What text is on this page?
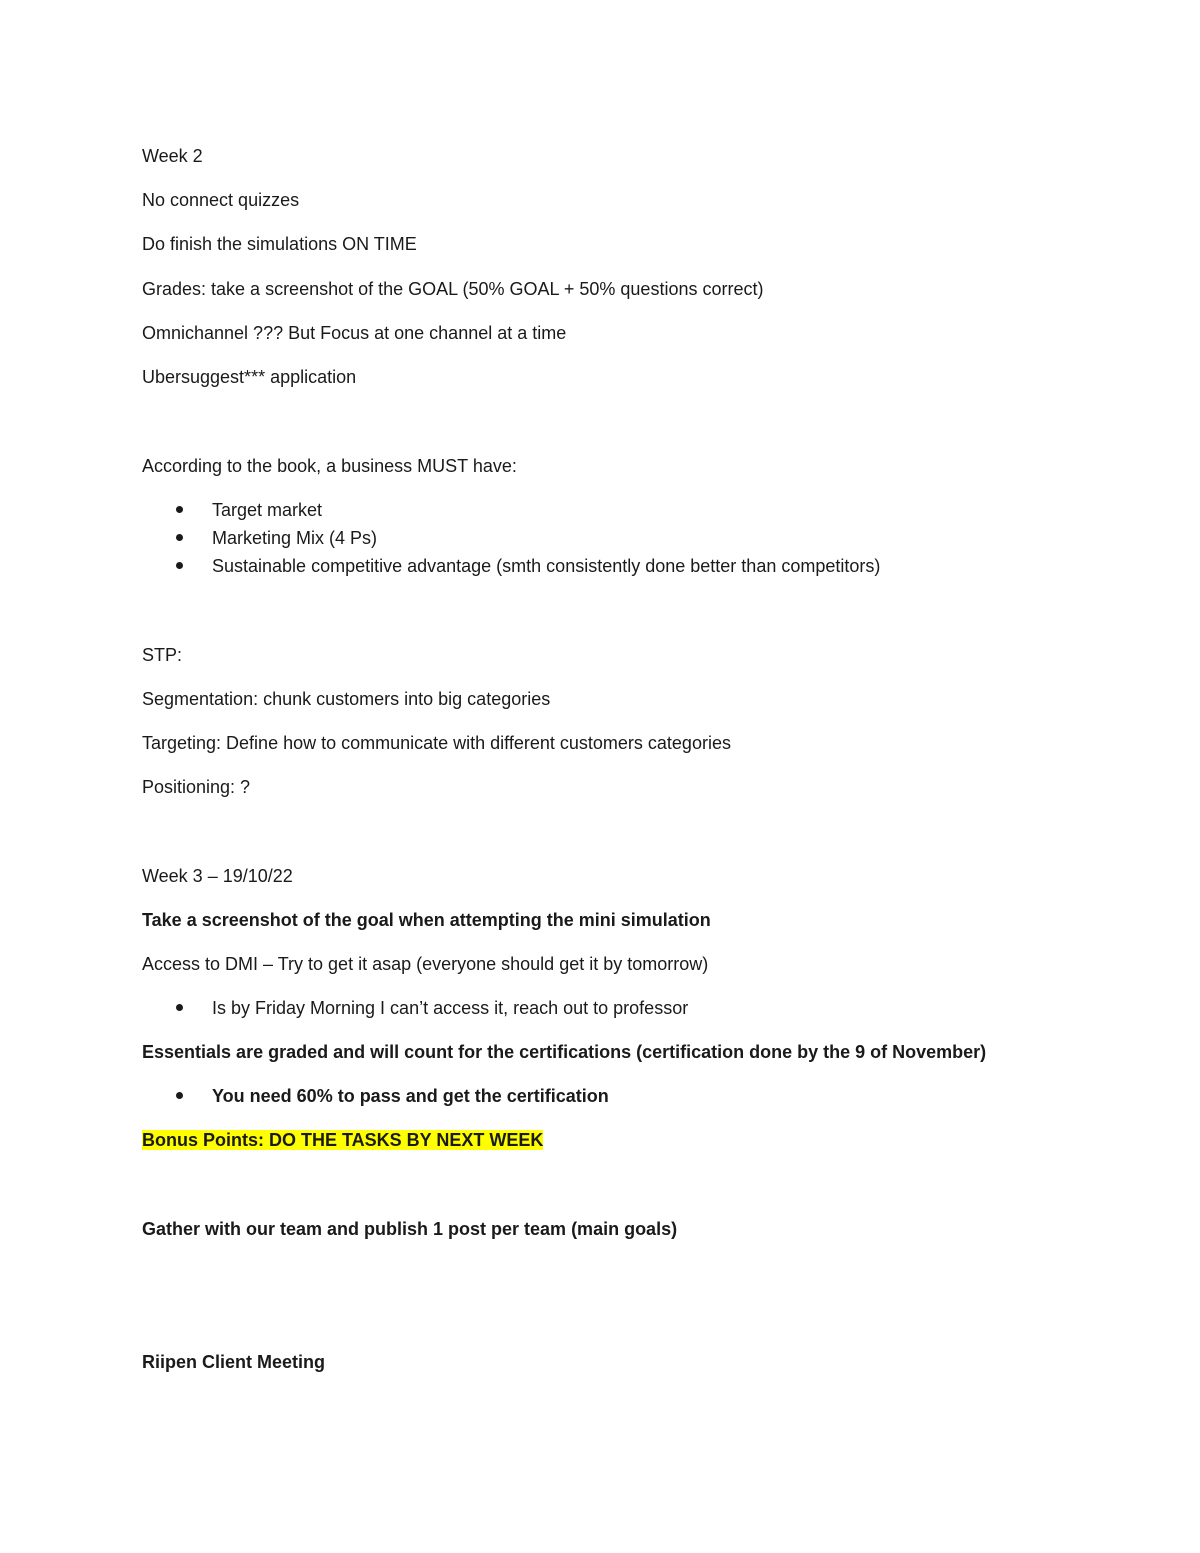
Week 2
No connect quizzes
Do finish the simulations ON TIME
Grades: take a screenshot of the GOAL (50% GOAL + 50% questions correct)
Omnichannel ??? But Focus at one channel at a time
Ubersuggest*** application
According to the book, a business MUST have:
Target market
Marketing Mix (4 Ps)
Sustainable competitive advantage (smth consistently done better than competitors)
STP:
Segmentation: chunk customers into big categories
Targeting: Define how to communicate with different customers categories
Positioning: ?
Week 3 – 19/10/22
Take a screenshot of the goal when attempting the mini simulation
Access to DMI – Try to get it asap (everyone should get it by tomorrow)
Is by Friday Morning I can’t access it, reach out to professor
Essentials are graded and will count for the certifications (certification done by the 9 of November)
You need 60% to pass and get the certification
Bonus Points: DO THE TASKS BY NEXT WEEK
Gather with our team and publish 1 post per team (main goals)
Riipen Client Meeting
